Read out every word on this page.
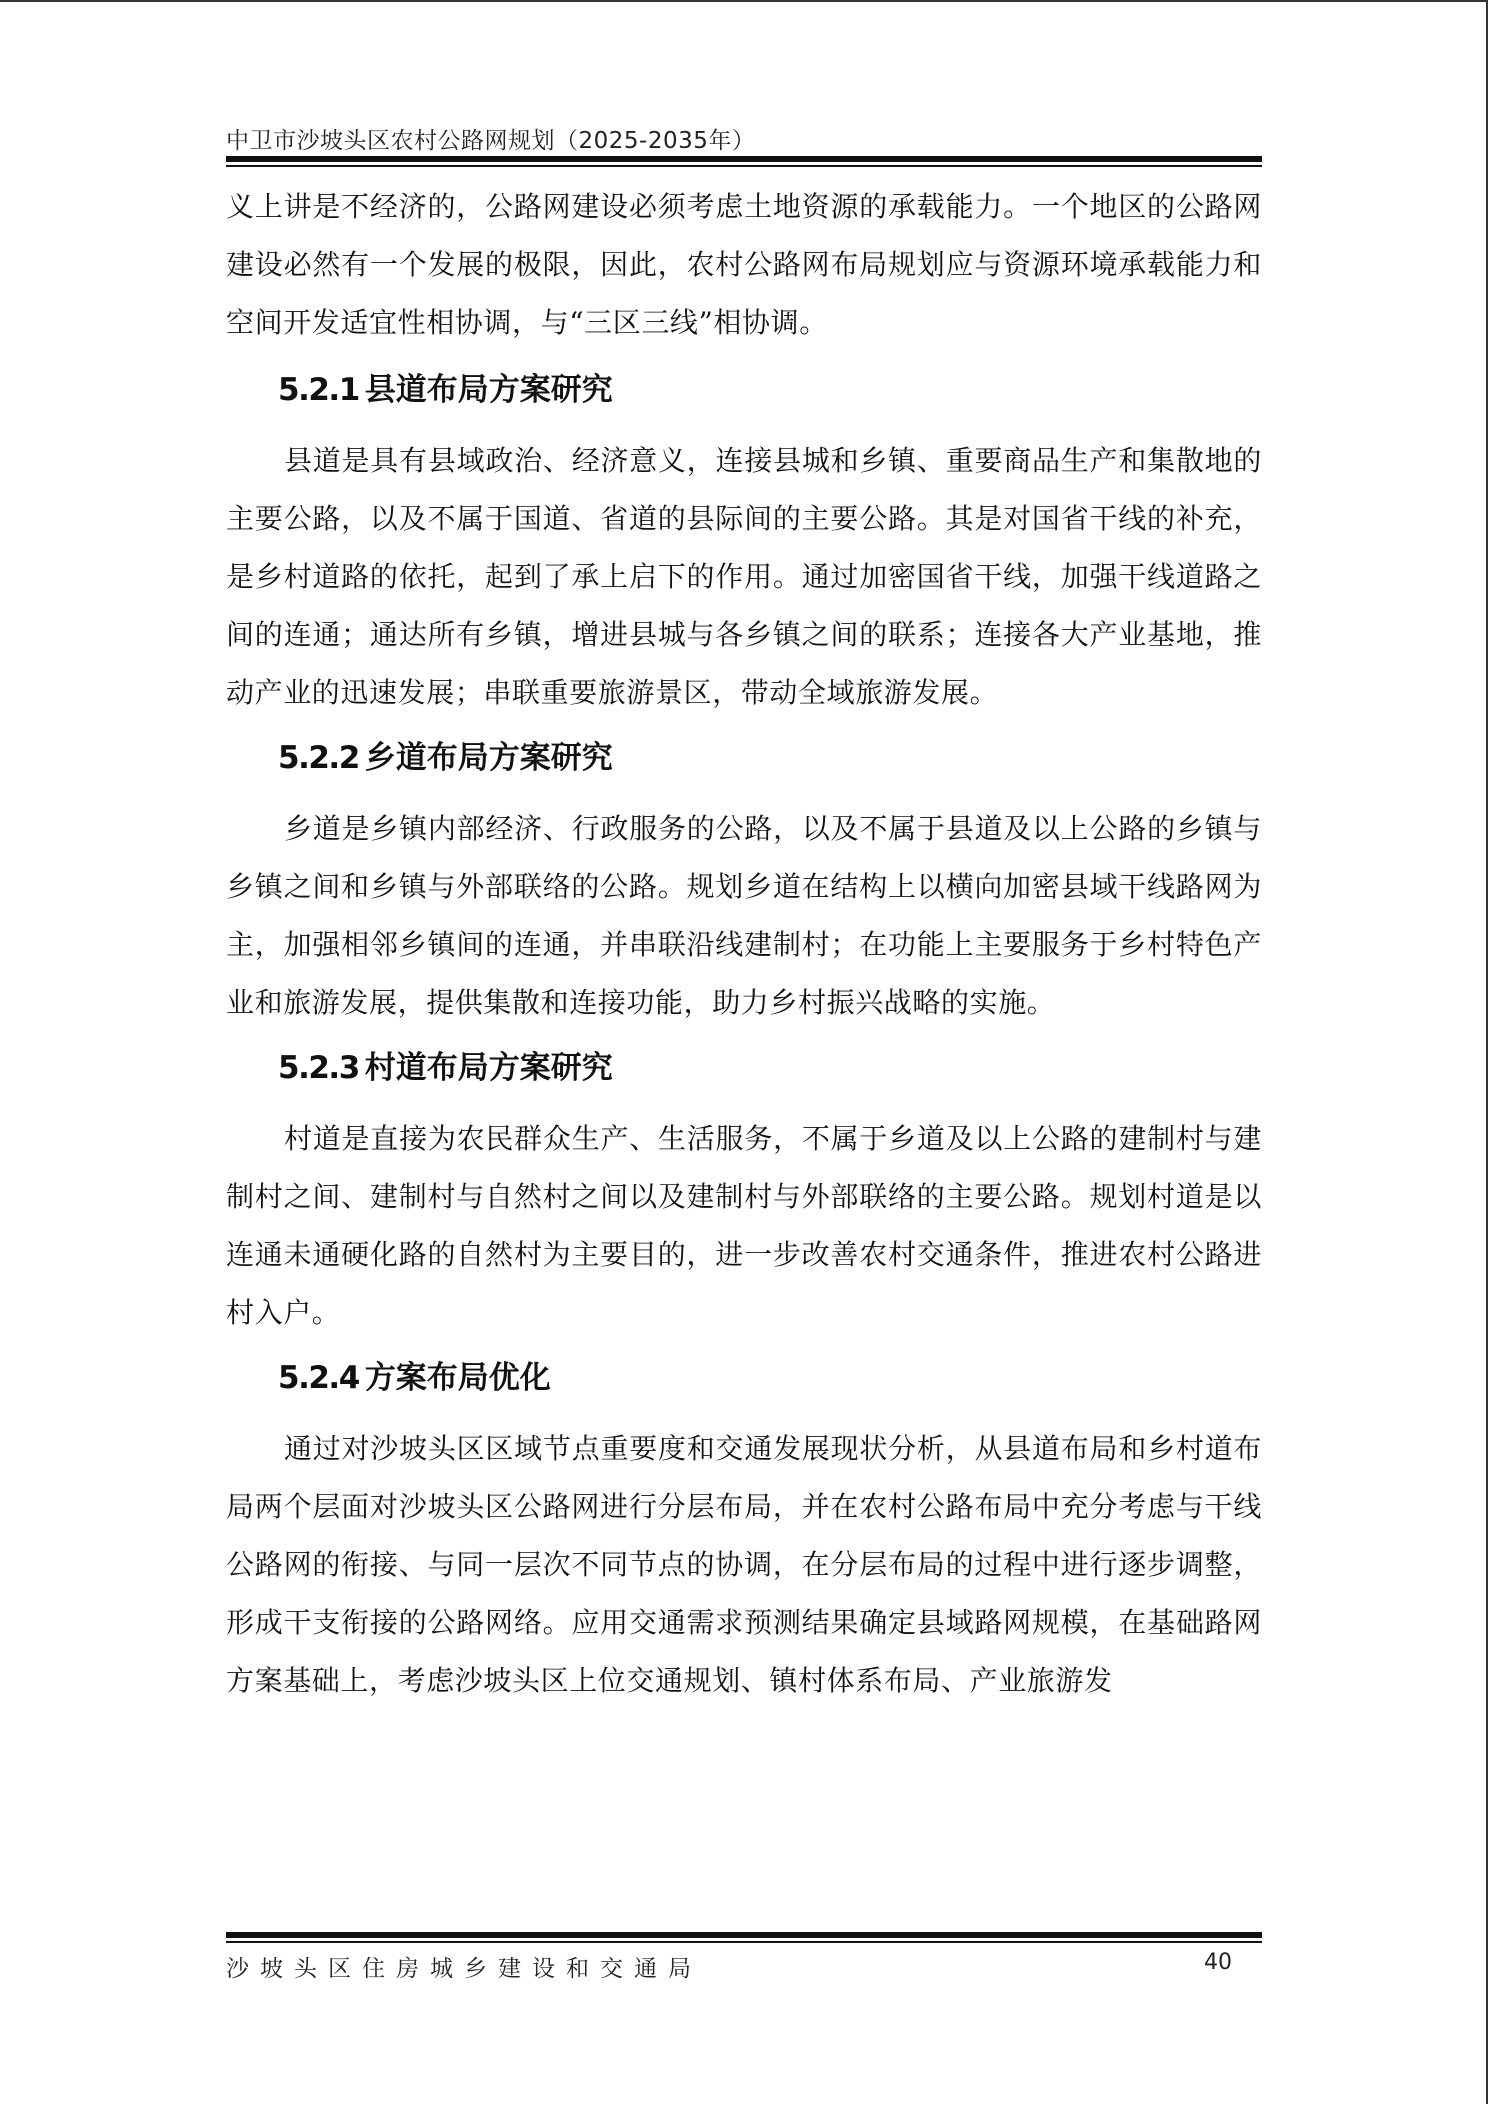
中卫市沙坡头区农村公路网规划（2025-2035年）

义上讲是不经济的，公路网建设必须考虑土地资源的承载能力。一个地区的公路网建设必然有一个发展的极限，因此，农村公路网布局规划应与资源环境承载能力和空间开发适宜性相协调，与“三区三线”相协调。

5.2.1 县道布局方案研究

县道是具有县域政治、经济意义，连接县城和乡镇、重要商品生产和集散地的主要公路，以及不属于国道、省道的县际间的主要公路。其是对国省干线的补充，是乡村道路的依托，起到了承上启下的作用。通过加密国省干线，加强干线道路之间的连通；通达所有乡镇，增进县城与各乡镇之间的联系；连接各大产业基地，推动产业的迅速发展；串联重要旅游景区，带动全域旅游发展。

5.2.2 乡道布局方案研究

乡道是乡镇内部经济、行政服务的公路，以及不属于县道及以上公路的乡镇与乡镇之间和乡镇与外部联络的公路。规划乡道在结构上以横向加密县域干线路网为主，加强相邻乡镇间的连通，并串联沿线建制村；在功能上主要服务于乡村特色产业和旅游发展，提供集散和连接功能，助力乡村振兴战略的实施。

5.2.3 村道布局方案研究

村道是直接为农民群众生产、生活服务，不属于乡道及以上公路的建制村与建制村之间、建制村与自然村之间以及建制村与外部联络的主要公路。规划村道是以连通未通硬化路的自然村为主要目的，进一步改善农村交通条件，推进农村公路进村入户。

5.2.4 方案布局优化

通过对沙坡头区区域节点重要度和交通发展现状分析，从县道布局和乡村道布局两个层面对沙坡头区公路网进行分层布局，并在农村公路布局中充分考虑与干线公路网的衔接、与同一层次不同节点的协调，在分层布局的过程中进行逐步调整，形成干支衔接的公路网络。应用交通需求预测结果确定县域路网规模，在基础路网方案基础上，考虑沙坡头区上位交通规划、镇村体系布局、产业旅游发

沙坡头区住房城乡建设和交通局	40
